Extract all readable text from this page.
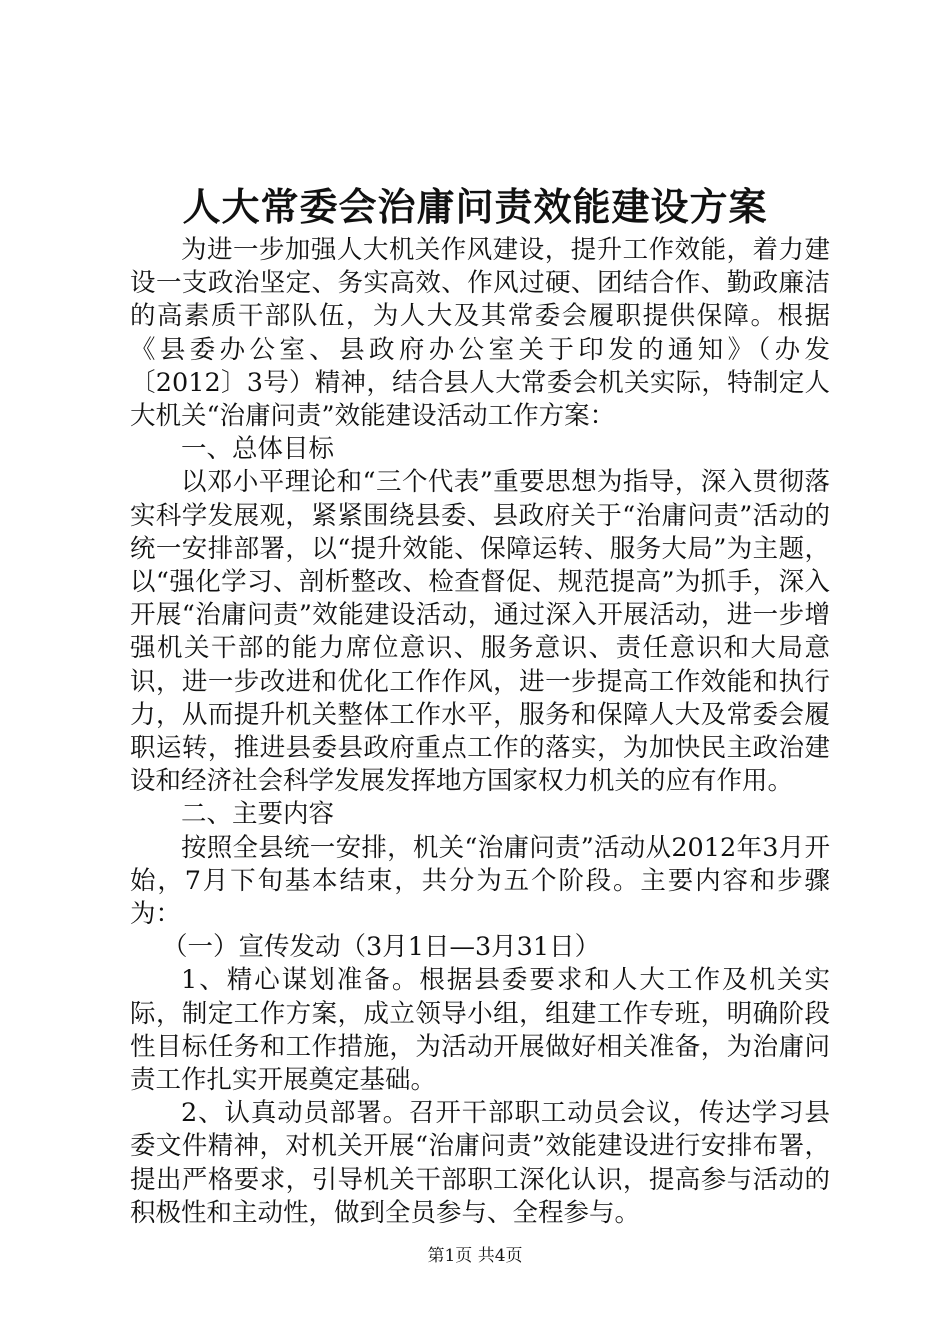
人大常委会治庸问责效能建设方案

为进一步加强人大机关作风建设，提升工作效能，着力建设一支政治坚定、务实高效、作风过硬、团结合作、勤政廉洁的高素质干部队伍，为人大及其常委会履职提供保障。根据《县委办公室、县政府办公室关于印发的通知》（办发〔2012〕3号）精神，结合县人大常委会机关实际，特制定人大机关“治庸问责”效能建设活动工作方案：

一、总体目标

以邓小平理论和“三个代表”重要思想为指导，深入贯彻落实科学发展观，紧紧围绕县委、县政府关于“治庸问责”活动的统一安排部署，以“提升效能、保障运转、服务大局”为主题，以“强化学习、剖析整改、检查督促、规范提高”为抓手，深入开展“治庸问责”效能建设活动，通过深入开展活动，进一步增强机关干部的能力席位意识、服务意识、责任意识和大局意识，进一步改进和优化工作作风，进一步提高工作效能和执行力，从而提升机关整体工作水平，服务和保障人大及常委会履职运转，推进县委县政府重点工作的落实，为加快民主政治建设和经济社会科学发展发挥地方国家权力机关的应有作用。

二、主要内容

按照全县统一安排，机关“治庸问责”活动从2012年3月开始，7月下旬基本结束，共分为五个阶段。主要内容和步骤为：

（一）宣传发动（3月1日—3月31日）

1、精心谋划准备。根据县委要求和人大工作及机关实际，制定工作方案，成立领导小组，组建工作专班，明确阶段性目标任务和工作措施，为活动开展做好相关准备，为治庸问责工作扎实开展奠定基础。

2、认真动员部署。召开干部职工动员会议，传达学习县委文件精神，对机关开展“治庸问责”效能建设进行安排布署，提出严格要求，引导机关干部职工深化认识，提高参与活动的积极性和主动性，做到全员参与、全程参与。

第1页 共4页
